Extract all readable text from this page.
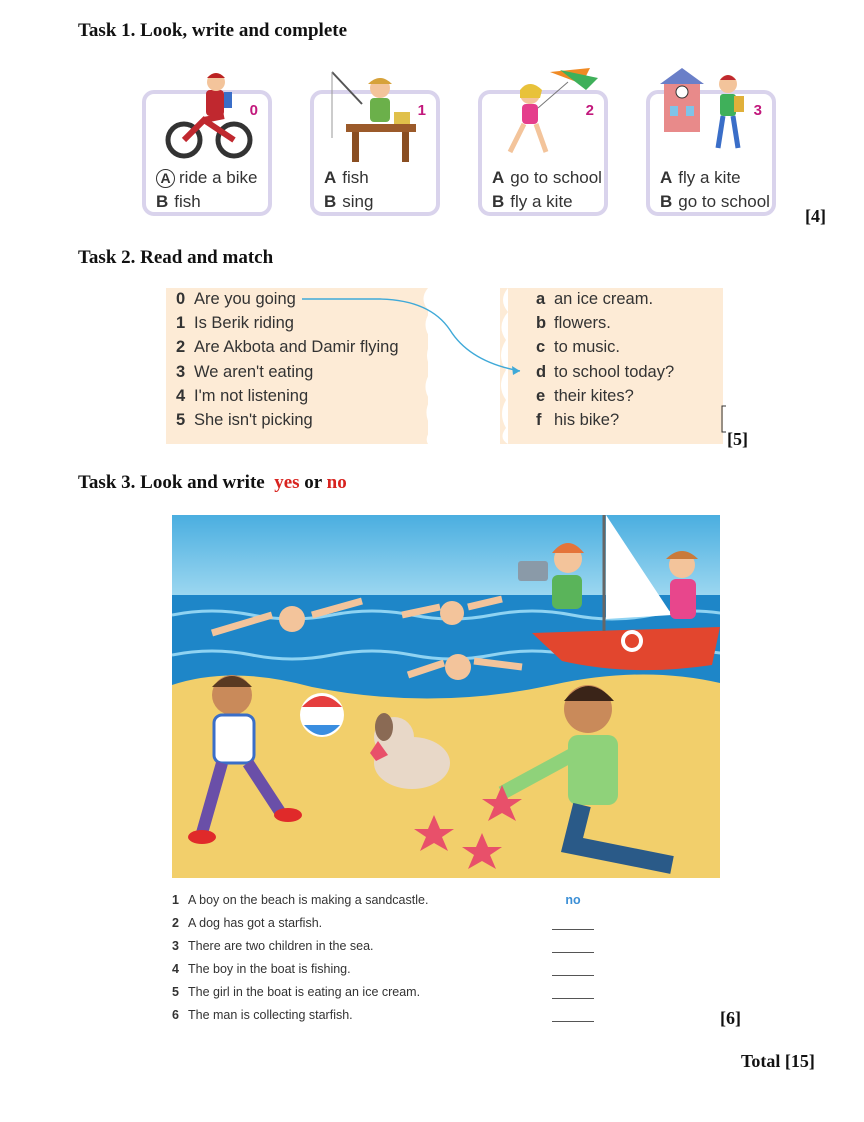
Task 1. Look, write and complete
0
A ride a bike
B fish
1
A fish
B sing
2
A go to school
B fly a kite
3
A fly a kite
B go to school
[4]
Task 2. Read and match
0 Are you going
1 Is Berik riding
2 Are Akbota and Damir flying
3 We aren't eating
4 I'm not listening
5 She isn't picking
a an ice cream.
b flowers.
c to music.
d to school today?
e their kites?
f his bike?
[5]
Task 3. Look and write yes or no
1 A boy on the beach is making a sandcastle.	no
2 A dog has got a starfish.
3 There are two children in the sea.
4 The boy in the boat is fishing.
5 The girl in the boat is eating an ice cream.
6 The man is collecting starfish.	[6]
Total [15]
